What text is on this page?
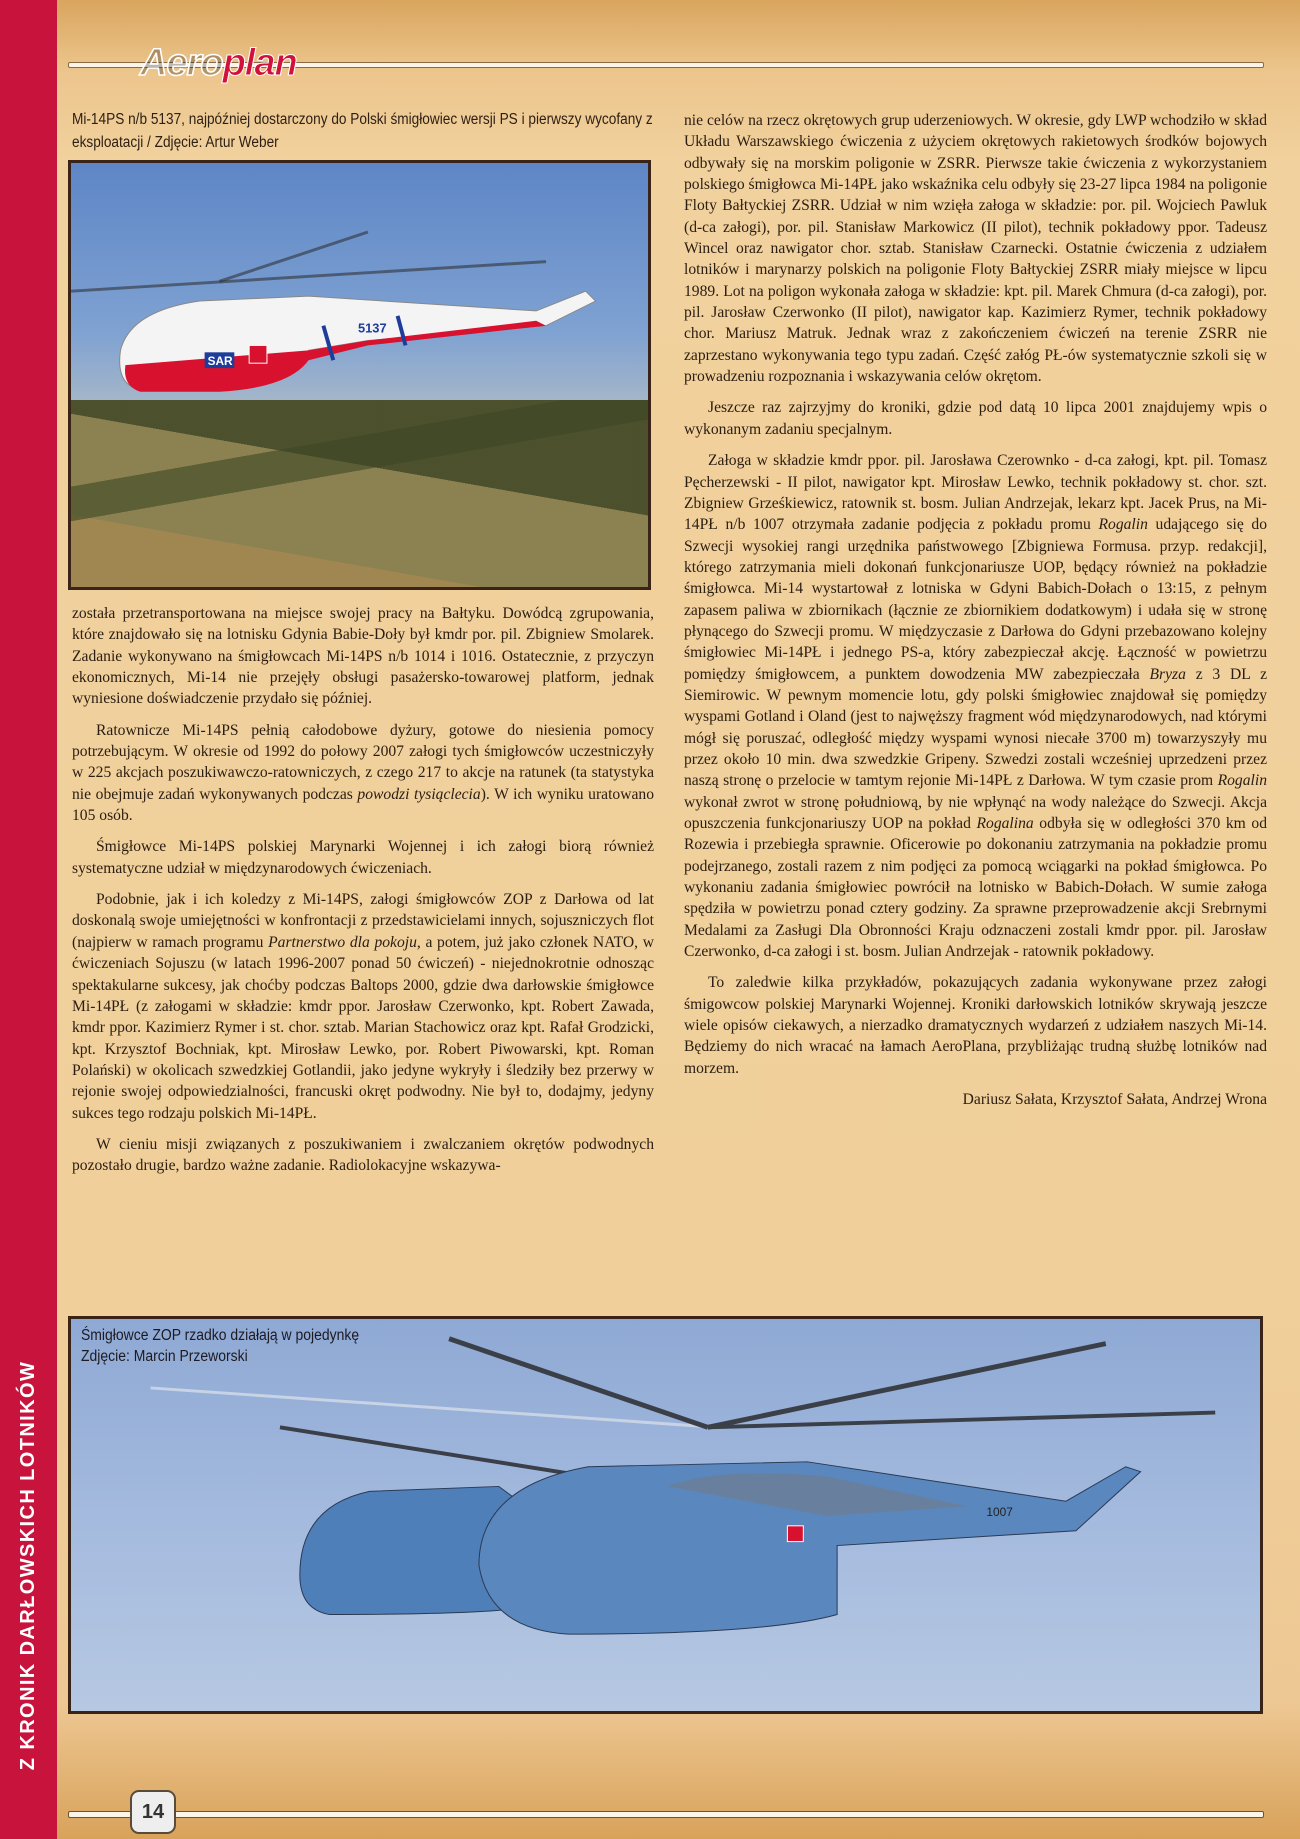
Z KRONIK DARŁOWSKICH LOTNIKÓW
Aeroplan
Mi-14PS n/b 5137, najpóźniej dostarczony do Polski śmigłowiec wersji PS i pierwszy wycofany z eksploatacji / Zdjęcie: Artur Weber
5137
SAR

została przetransportowana na miejsce swojej pracy na Bałtyku. Dowódcą zgrupowania, które znajdowało się na lotnisku Gdynia Babie-Doły był kmdr por. pil. Zbigniew Smolarek. Zadanie wykonywano na śmigłowcach Mi-14PS n/b 1014 i 1016. Ostatecznie, z przyczyn ekonomicznych, Mi-14 nie przejęły obsługi pasażersko-towarowej platform, jednak wyniesione doświadczenie przydało się później.

Ratownicze Mi-14PS pełnią całodobowe dyżury, gotowe do niesienia pomocy potrzebującym. W okresie od 1992 do połowy 2007 załogi tych śmigłowców uczestniczyły w 225 akcjach poszukiwawczo-ratowniczych, z czego 217 to akcje na ratunek (ta statystyka nie obejmuje zadań wykonywanych podczas powodzi tysiąclecia). W ich wyniku uratowano 105 osób.

Śmigłowce Mi-14PS polskiej Marynarki Wojennej i ich załogi biorą również systematyczne udział w międzynarodowych ćwiczeniach.

Podobnie, jak i ich koledzy z Mi-14PS, załogi śmigłowców ZOP z Darłowa od lat doskonalą swoje umiejętności w konfrontacji z przedstawicielami innych, sojuszniczych flot (najpierw w ramach programu Partnerstwo dla pokoju, a potem, już jako członek NATO, w ćwiczeniach Sojuszu (w latach 1996-2007 ponad 50 ćwiczeń) - niejednokrotnie odnosząc spektakularne sukcesy, jak choćby podczas Baltops 2000, gdzie dwa darłowskie śmigłowce Mi-14PŁ (z załogami w składzie: kmdr ppor. Jarosław Czerwonko, kpt. Robert Zawada, kmdr ppor. Kazimierz Rymer i st. chor. sztab. Marian Stachowicz oraz kpt. Rafał Grodzicki, kpt. Krzysztof Bochniak, kpt. Mirosław Lewko, por. Robert Piwowarski, kpt. Roman Polański) w okolicach szwedzkiej Gotlandii, jako jedyne wykryły i śledziły bez przerwy w rejonie swojej odpowiedzialności, francuski okręt podwodny. Nie był to, dodajmy, jedyny sukces tego rodzaju polskich Mi-14PŁ.

W cieniu misji związanych z poszukiwaniem i zwalczaniem okrętów podwodnych pozostało drugie, bardzo ważne zadanie. Radiolokacyjne wskazywa-

nie celów na rzecz okrętowych grup uderzeniowych. W okresie, gdy LWP wchodziło w skład Układu Warszawskiego ćwiczenia z użyciem okrętowych rakietowych środków bojowych odbywały się na morskim poligonie w ZSRR. Pierwsze takie ćwiczenia z wykorzystaniem polskiego śmigłowca Mi-14PŁ jako wskaźnika celu odbyły się 23-27 lipca 1984 na poligonie Floty Bałtyckiej ZSRR. Udział w nim wzięła załoga w składzie: por. pil. Wojciech Pawluk (d-ca załogi), por. pil. Stanisław Markowicz (II pilot), technik pokładowy ppor. Tadeusz Wincel oraz nawigator chor. sztab. Stanisław Czarnecki. Ostatnie ćwiczenia z udziałem lotników i marynarzy polskich na poligonie Floty Bałtyckiej ZSRR miały miejsce w lipcu 1989. Lot na poligon wykonała załoga w składzie: kpt. pil. Marek Chmura (d-ca załogi), por. pil. Jarosław Czerwonko (II pilot), nawigator kap. Kazimierz Rymer, technik pokładowy chor. Mariusz Matruk. Jednak wraz z zakończeniem ćwiczeń na terenie ZSRR nie zaprzestano wykonywania tego typu zadań. Część załóg PŁ-ów systematycznie szkoli się w prowadzeniu rozpoznania i wskazywania celów okrętom.

Jeszcze raz zajrzyjmy do kroniki, gdzie pod datą 10 lipca 2001 znajdujemy wpis o wykonanym zadaniu specjalnym.

Załoga w składzie kmdr ppor. pil. Jarosława Czerownko - d-ca załogi, kpt. pil. Tomasz Pęcherzewski - II pilot, nawigator kpt. Mirosław Lewko, technik pokładowy st. chor. szt. Zbigniew Grześkiewicz, ratownik st. bosm. Julian Andrzejak, lekarz kpt. Jacek Prus, na Mi-14PŁ n/b 1007 otrzymała zadanie podjęcia z pokładu promu Rogalin udającego się do Szwecji wysokiej rangi urzędnika państwowego [Zbigniewa Formusa. przyp. redakcji], którego zatrzymania mieli dokonań funkcjonariusze UOP, będący również na pokładzie śmigłowca. Mi-14 wystartował z lotniska w Gdyni Babich-Dołach o 13:15, z pełnym zapasem paliwa w zbiornikach (łącznie ze zbiornikiem dodatkowym) i udała się w stronę płynącego do Szwecji promu. W międzyczasie z Darłowa do Gdyni przebazowano kolejny śmigłowiec Mi-14PŁ i jednego PS-a, który zabezpieczał akcję. Łączność w powietrzu pomiędzy śmigłowcem, a punktem dowodzenia MW zabezpieczała Bryza z 3 DL z Siemirowic. W pewnym momencie lotu, gdy polski śmigłowiec znajdował się pomiędzy wyspami Gotland i Oland (jest to najwęższy fragment wód międzynarodowych, nad którymi mógł się poruszać, odległość między wyspami wynosi niecałe 3700 m) towarzyszyły mu przez około 10 min. dwa szwedzkie Gripeny. Szwedzi zostali wcześniej uprzedzeni przez naszą stronę o przelocie w tamtym rejonie Mi-14PŁ z Darłowa. W tym czasie prom Rogalin wykonał zwrot w stronę południową, by nie wpłynąć na wody należące do Szwecji. Akcja opuszczenia funkcjonariuszy UOP na pokład Rogalina odbyła się w odległości 370 km od Rozewia i przebiegła sprawnie. Oficerowie po dokonaniu zatrzymania na pokładzie promu podejrzanego, zostali razem z nim podjęci za pomocą wciągarki na pokład śmigłowca. Po wykonaniu zadania śmigłowiec powrócił na lotnisko w Babich-Dołach. W sumie załoga spędziła w powietrzu ponad cztery godziny. Za sprawne przeprowadzenie akcji Srebrnymi Medalami za Zasługi Dla Obronności Kraju odznaczeni zostali kmdr ppor. pil. Jarosław Czerwonko, d-ca załogi i st. bosm. Julian Andrzejak - ratownik pokładowy.

To zaledwie kilka przykładów, pokazujących zadania wykonywane przez załogi śmigowcow polskiej Marynarki Wojennej. Kroniki darłowskich lotników skrywają jeszcze wiele opisów ciekawych, a nierzadko dramatycznych wydarzeń z udziałem naszych Mi-14. Będziemy do nich wracać na łamach AeroPlana, przybliżając trudną służbę lotników nad morzem.

Dariusz Sałata, Krzysztof Sałata, Andrzej Wrona

Śmigłowce ZOP rzadko działają w pojedynkę
Zdjęcie: Marcin Przeworski
1007
14
